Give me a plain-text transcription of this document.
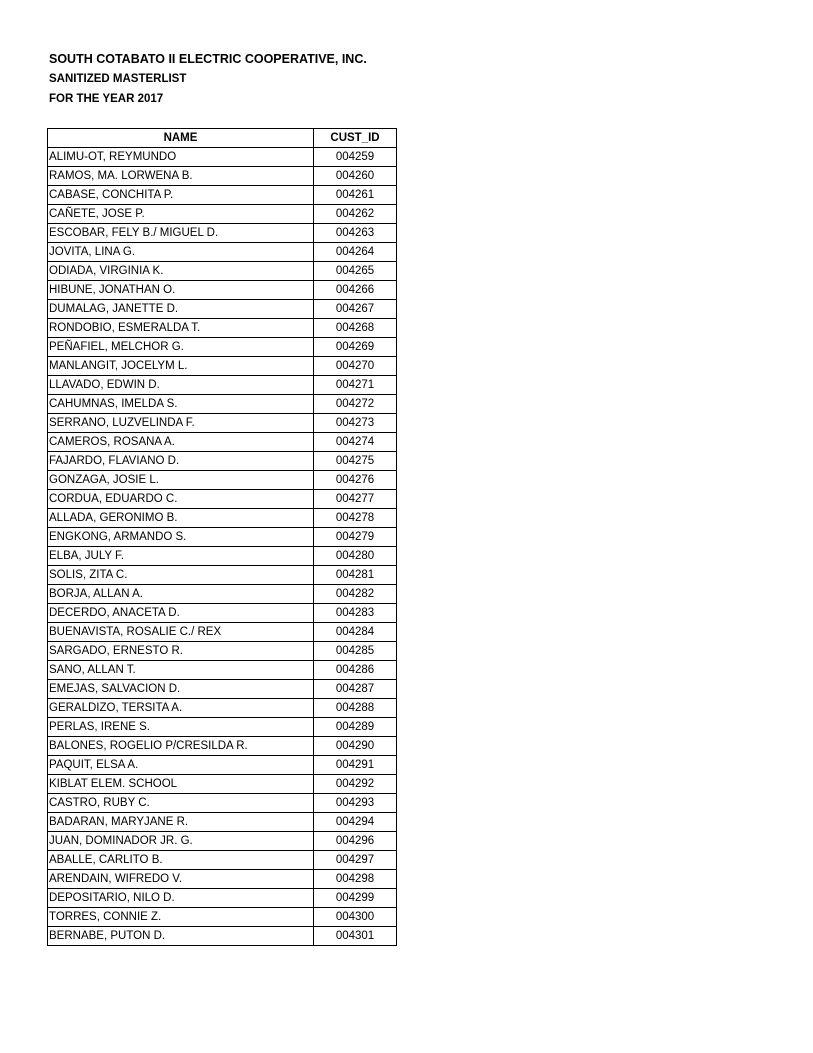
SOUTH COTABATO II ELECTRIC COOPERATIVE, INC.
SANITIZED MASTERLIST
FOR THE YEAR 2017
NAME	CUST_ID
ALIMU-OT, REYMUNDO	004259
RAMOS, MA. LORWENA B.	004260
CABASE, CONCHITA P.	004261
CAÑETE, JOSE P.	004262
ESCOBAR, FELY B./ MIGUEL D.	004263
JOVITA, LINA G.	004264
ODIADA, VIRGINIA K.	004265
HIBUNE, JONATHAN O.	004266
DUMALAG, JANETTE D.	004267
RONDOBIO, ESMERALDA T.	004268
PEÑAFIEL, MELCHOR G.	004269
MANLANGIT, JOCELYM L.	004270
LLAVADO, EDWIN D.	004271
CAHUMNAS, IMELDA S.	004272
SERRANO, LUZVELINDA F.	004273
CAMEROS, ROSANA A.	004274
FAJARDO, FLAVIANO D.	004275
GONZAGA, JOSIE L.	004276
CORDUA, EDUARDO C.	004277
ALLADA, GERONIMO B.	004278
ENGKONG, ARMANDO S.	004279
ELBA, JULY F.	004280
SOLIS, ZITA C.	004281
BORJA, ALLAN A.	004282
DECERDO, ANACETA D.	004283
BUENAVISTA, ROSALIE C./ REX	004284
SARGADO, ERNESTO R.	004285
SANO, ALLAN T.	004286
EMEJAS, SALVACION D.	004287
GERALDIZO, TERSITA A.	004288
PERLAS, IRENE S.	004289
BALONES, ROGELIO P/CRESILDA R.	004290
PAQUIT, ELSA A.	004291
KIBLAT ELEM. SCHOOL	004292
CASTRO, RUBY C.	004293
BADARAN, MARYJANE R.	004294
JUAN, DOMINADOR JR. G.	004296
ABALLE, CARLITO B.	004297
ARENDAIN, WIFREDO V.	004298
DEPOSITARIO, NILO D.	004299
TORRES, CONNIE Z.	004300
BERNABE, PUTON D.	004301
